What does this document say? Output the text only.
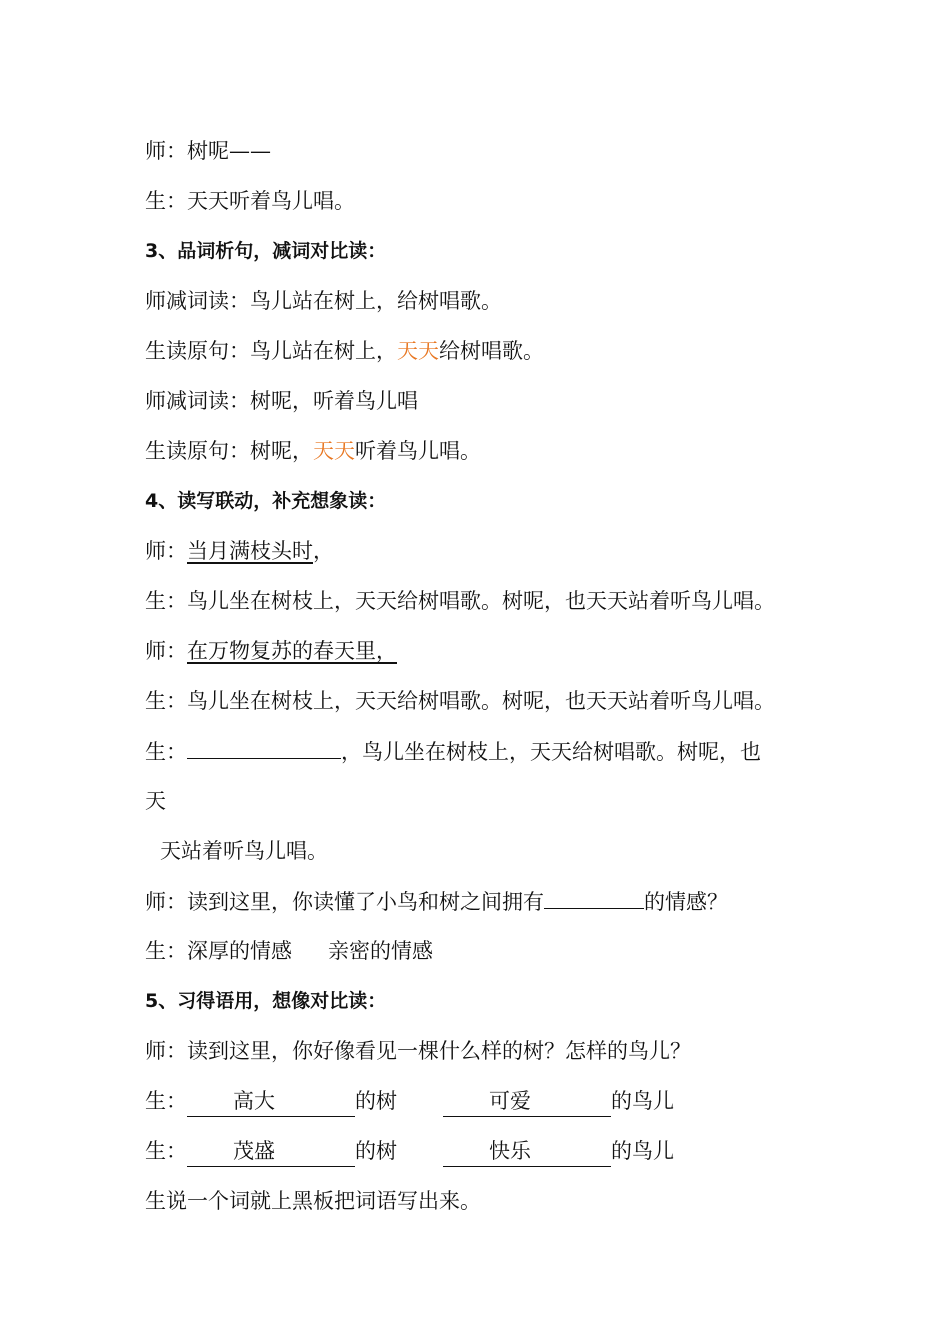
师：树呢——
生：天天听着鸟儿唱。
3、品词析句，减词对比读：
师减词读：鸟儿站在树上，给树唱歌。
生读原句：鸟儿站在树上，天天给树唱歌。
师减词读：树呢，听着鸟儿唱
生读原句：树呢，天天听着鸟儿唱。
4、读写联动，补充想象读：
师：当月满枝头时，
生：鸟儿坐在树枝上，天天给树唱歌。树呢，也天天站着听鸟儿唱。
师：在万物复苏的春天里，
生：鸟儿坐在树枝上，天天给树唱歌。树呢，也天天站着听鸟儿唱。
生：	，鸟儿坐在树枝上，天天给树唱歌。树呢，也
天
天站着听鸟儿唱。
师：读到这里，你读懂了小鸟和树之间拥有	的情感？
生：深厚的情感 亲密的情感
5、习得语用，想像对比读：
师：读到这里，你好像看见一棵什么样的树？怎样的鸟儿？
生： 高大	的树	可爱	的鸟儿
生： 茂盛	的树	快乐	的鸟儿
生说一个词就上黑板把词语写出来。
